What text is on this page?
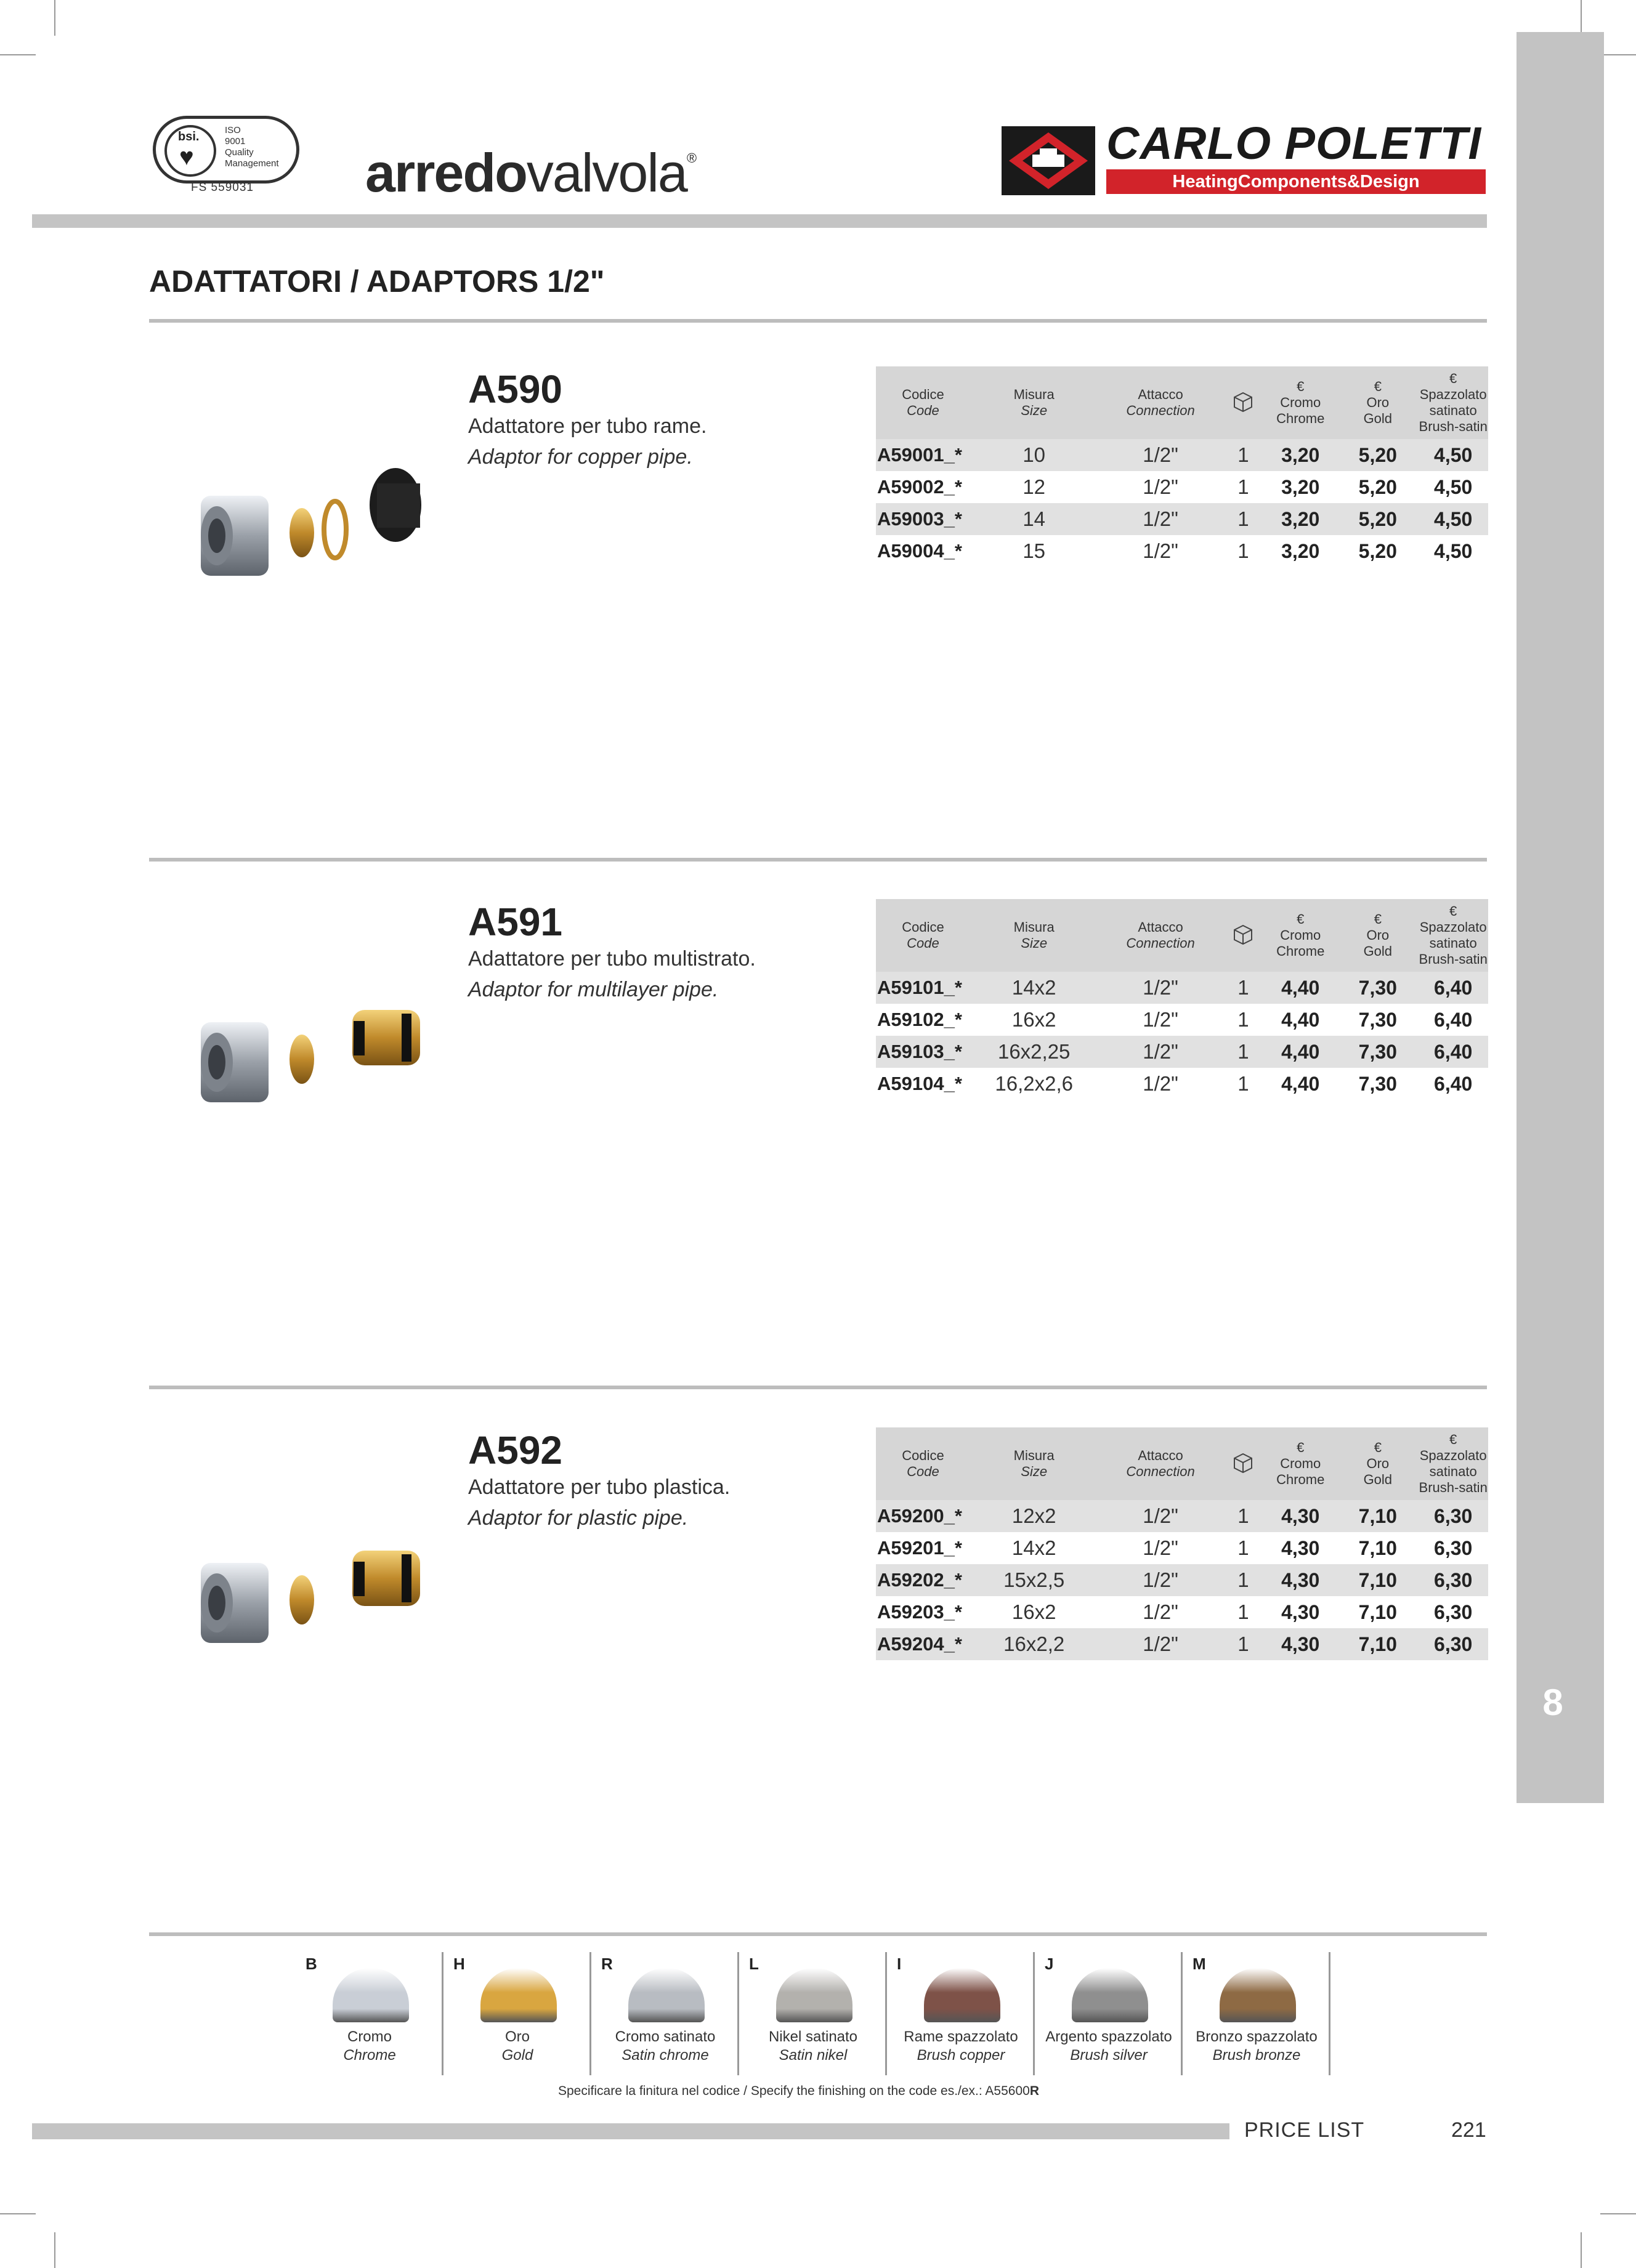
bsi.
♥
ISO
9001
Quality
Management
FS 559031 arredovalvola®	CARLO POLETTI
HeatingComponents&Design
8
ADATTATORI / ADAPTORS 1/2"
A590
Adattatore per tubo rame.
Adaptor for copper pipe.
Codice
Code	Misura
Size	Attacco
Connection		€
Cromo
Chrome	€
Oro
Gold	€
Spazzolato
satinato
Brush-satin
A59001_*	10	1/2"	1	3,20	5,20	4,50
A59002_*	12	1/2"	1	3,20	5,20	4,50
A59003_*	14	1/2"	1	3,20	5,20	4,50
A59004_*	15	1/2"	1	3,20	5,20	4,50
A591
Adattatore per tubo multistrato.
Adaptor for multilayer pipe.
Codice
Code	Misura
Size	Attacco
Connection		€
Cromo
Chrome	€
Oro
Gold	€
Spazzolato
satinato
Brush-satin
A59101_*	14x2	1/2"	1	4,40	7,30	6,40
A59102_*	16x2	1/2"	1	4,40	7,30	6,40
A59103_*	16x2,25	1/2"	1	4,40	7,30	6,40
A59104_*	16,2x2,6	1/2"	1	4,40	7,30	6,40
A592
Adattatore per tubo plastica.
Adaptor for plastic pipe.
Codice
Code	Misura
Size	Attacco
Connection		€
Cromo
Chrome	€
Oro
Gold	€
Spazzolato
satinato
Brush-satin
A59200_*	12x2	1/2"	1	4,30	7,10	6,30
A59201_*	14x2	1/2"	1	4,30	7,10	6,30
A59202_*	15x2,5	1/2"	1	4,30	7,10	6,30
A59203_*	16x2	1/2"	1	4,30	7,10	6,30
A59204_*	16x2,2	1/2"	1	4,30	7,10	6,30
B
Cromo
Chrome
H
Oro
Gold
R
Cromo satinato
Satin chrome
L
Nikel satinato
Satin nikel
I
Rame spazzolato
Brush copper
J
Argento spazzolato
Brush silver
M
Bronzo spazzolato
Brush bronze
Specificare la finitura nel codice / Specify the finishing on the code es./ex.: A55600R
PRICE LIST	221
